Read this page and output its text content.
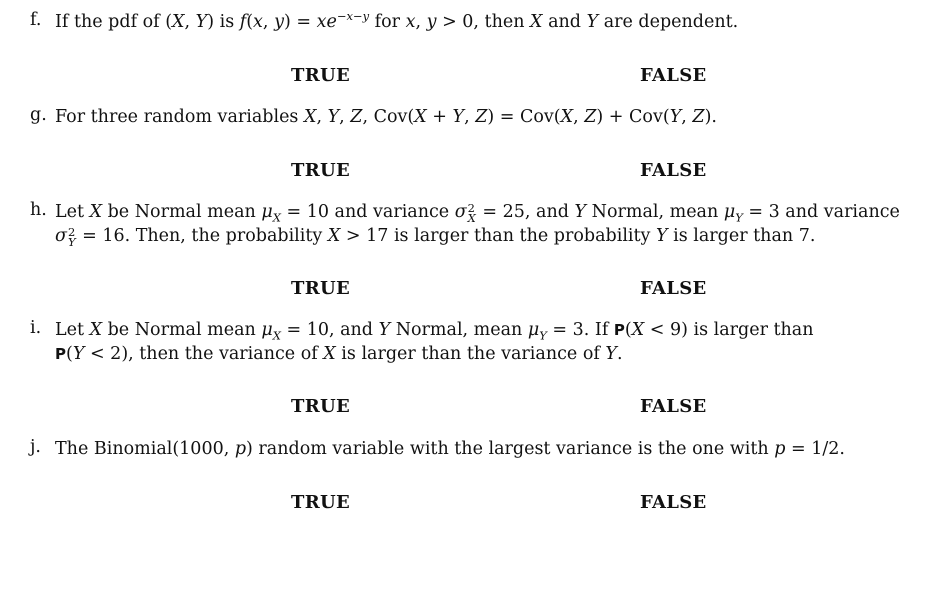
f. If the pdf of (X, Y) is f(x, $y) = xe^{-x-y}$ for x, y > 0, then X and Y are dependent.
TRUE	FALSE
g. For three random variables X, Y, Z, Cov(X + Y, Z) = Cov(X, Z) + Cov(Y, Z).
TRUE	FALSE
h. Let X be Normal mean $\mu_X = 10$ and variance σ 2
X = 25, and Y Normal, mean $\mu_Y = 3$ and variance
σ 2
Y = 16. Then, the probability X > 17 is larger than the probability Y is larger than 7.
TRUE	FALSE
i. Let X be Normal mean $\mu_X = 10$, and Y Normal, mean $\mu_Y = 3$. If P(X < 9) is larger than
P(Y < 2), then the variance of X is larger than the variance of Y.
TRUE	FALSE
j. The Binomial(1000, p) random variable with the largest variance is the one with p = 1/2.
TRUE	FALSE
